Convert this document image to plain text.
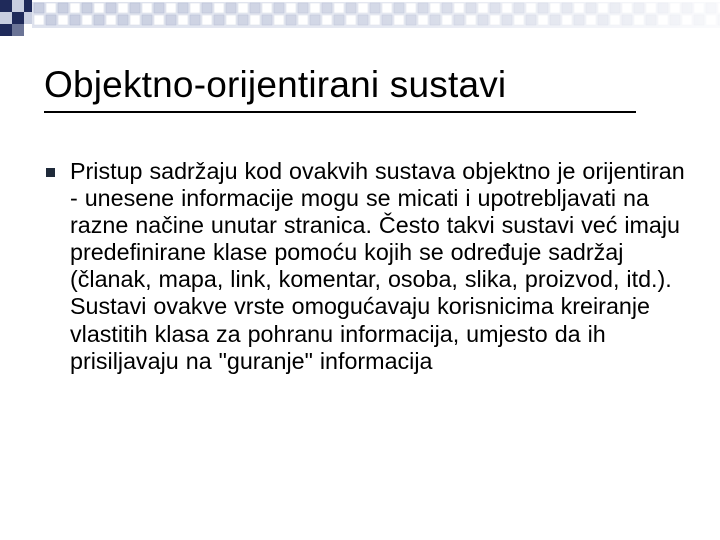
Objektno-orijentirani sustavi
Pristup sadržaju kod ovakvih sustava objektno je orijentiran - unesene informacije mogu se micati i upotrebljavati na razne načine unutar stranica. Često takvi sustavi već imaju predefinirane klase pomoću kojih se određuje sadržaj (članak, mapa, link, komentar, osoba, slika, proizvod, itd.). Sustavi ovakve vrste omogućavaju korisnicima kreiranje vlastitih klasa za pohranu informacija, umjesto da ih prisiljavaju na "guranje" informacija
